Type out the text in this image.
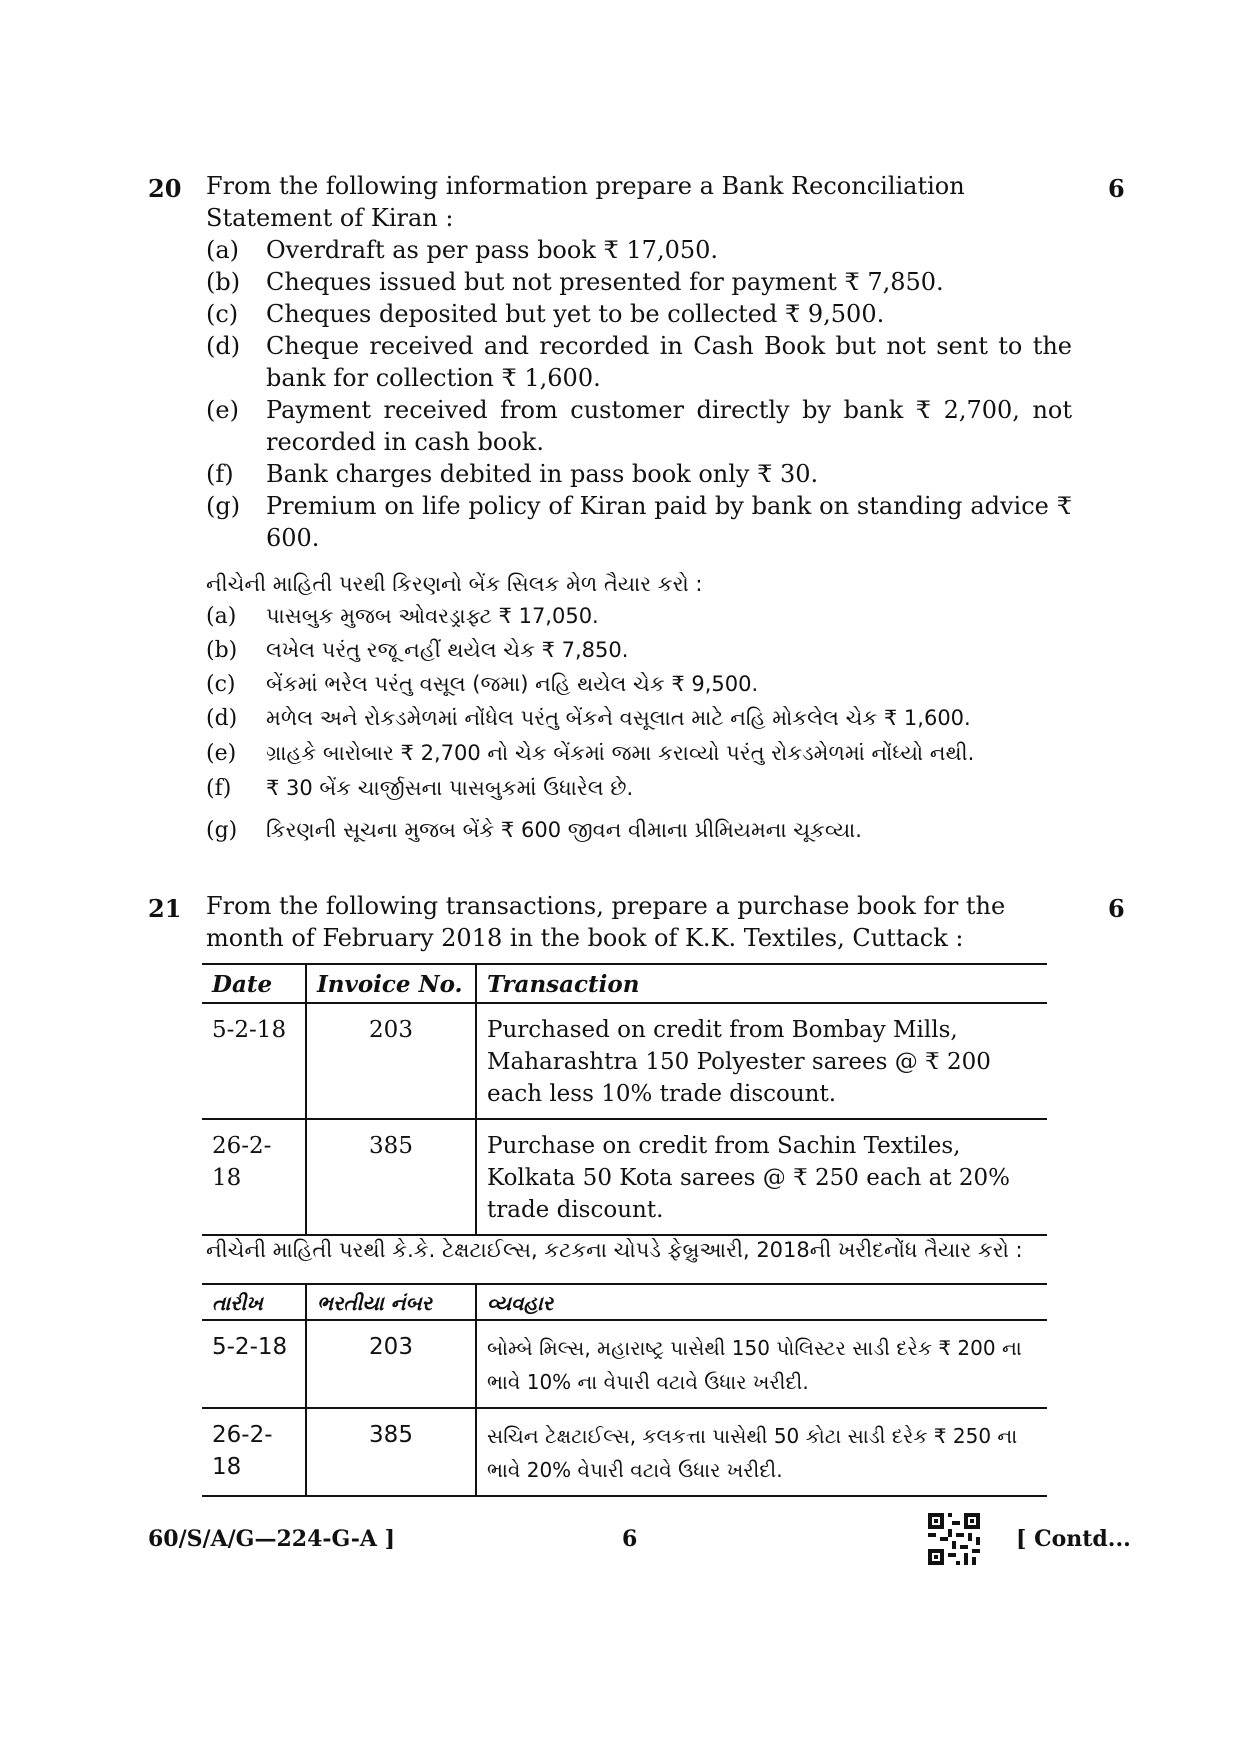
20	6
From the following information prepare a Bank Reconciliation Statement of Kiran :
(a)	Overdraft as per pass book ₹ 17,050.
(b)	Cheques issued but not presented for payment ₹ 7,850.
(c)	Cheques deposited but yet to be collected ₹ 9,500.
(d)	Cheque received and recorded in Cash Book but not sent to the bank for collection ₹ 1,600.
(e)	Payment received from customer directly by bank ₹ 2,700, not recorded in cash book.
(f)	Bank charges debited in pass book only ₹ 30.
(g)	Premium on life policy of Kiran paid by bank on standing advice ₹ 600.
નીચેની માહિતી પરથી કિરણનો બેંક સિલક મેળ તૈયાર કરો :
(a)	પાસબુક મુજબ ઓવરડ્રાફ્ટ ₹ 17,050.
(b)	લખેલ પરંતુ રજૂ નહીં થયેલ ચેક ₹ 7,850.
(c)	બેંકમાં ભરેલ પરંતુ વસૂલ (જમા) નહિ થયેલ ચેક ₹ 9,500.
(d)	મળેલ અને રોકડમેળમાં નોંધેલ પરંતુ બેંકને વસૂલાત માટે નહિ મોકલેલ ચેક ₹ 1,600.
(e)	ગ્રાહકે બારોબાર ₹ 2,700 નો ચેક બેંકમાં જમા કરાવ્યો પરંતુ રોકડમેળમાં નોંધ્યો નથી.
(f)	₹ 30 બેંક ચાર્જીસના પાસબુકમાં ઉધારેલ છે.
(g)	કિરણની સૂચના મુજબ બેંકે ₹ 600 જીવન વીમાના પ્રીમિયમના ચૂકવ્યા.
21	6
From the following transactions, prepare a purchase book for the month of February 2018 in the book of K.K. Textiles, Cuttack :
Date	Invoice No.	Transaction
5-2-18	203	Purchased on credit from Bombay Mills, Maharashtra 150 Polyester sarees @ ₹ 200 each less 10% trade discount.
26-2-18	385	Purchase on credit from Sachin Textiles, Kolkata 50 Kota sarees @ ₹ 250 each at 20% trade discount.
નીચેની માહિતી પરથી કે.કે. ટેક્ષટાઈલ્સ, કટકના ચોપડે ફેબ્રુઆરી, 2018ની ખરીદનોંધ તૈયાર કરો :
તારીખ	ભરતીયા નંબર	વ્યવહાર
5-2-18	203	બોમ્બે મિલ્સ, મહારાષ્ટ્ર પાસેથી 150 પોલિસ્ટર સાડી દરેક ₹ 200 ના ભાવે 10% ના વેપારી વટાવે ઉધાર ખરીદી.
26-2-18	385	સચિન ટેક્ષટાઈલ્સ, કલકત્તા પાસેથી 50 કોટા સાડી દરેક ₹ 250 ના ભાવે 20% વેપારી વટાવે ઉધાર ખરીદી.
60/S/A/G—224-G-A ]	6	[ Contd...
